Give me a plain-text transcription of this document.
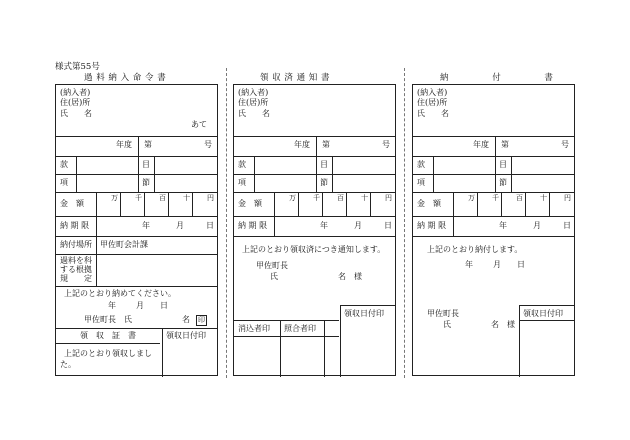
様式第55号
過 料 納 入 命 令 書	領 収 済 通 知 書	納 付 書
(納入者)
住(居)所
氏　　名
あて
年度 第	号
款	目
項	節
金　額
万 千 百 十 円
納 期 限	年	月	日
納付場所 甲佐町会計課
過料を科
する根拠
規　　定
上記のとおり納めてください。
年	月 日
甲佐町長　氏	名 印
領　収　証　書	領収日付印
上記のとおり領収しまし
た。
(納入者)
住(居)所
氏　　名
年度 第	号
款	目
項	節
金　額
万 千 百 十 円
納 期 限	年	月	日
上記のとおり領収済につき通知します。
甲佐町長
氏	名　様
領収日付印
消込者印 照合者印
(納入者)
住(居)所
氏　　名
年度 第	号
款	目
項	節
金　額
万 千 百 十 円
納 期 限	年	月	日
上記のとおり納付します。
年	月 日
甲佐町長
氏	名　様
領収日付印
